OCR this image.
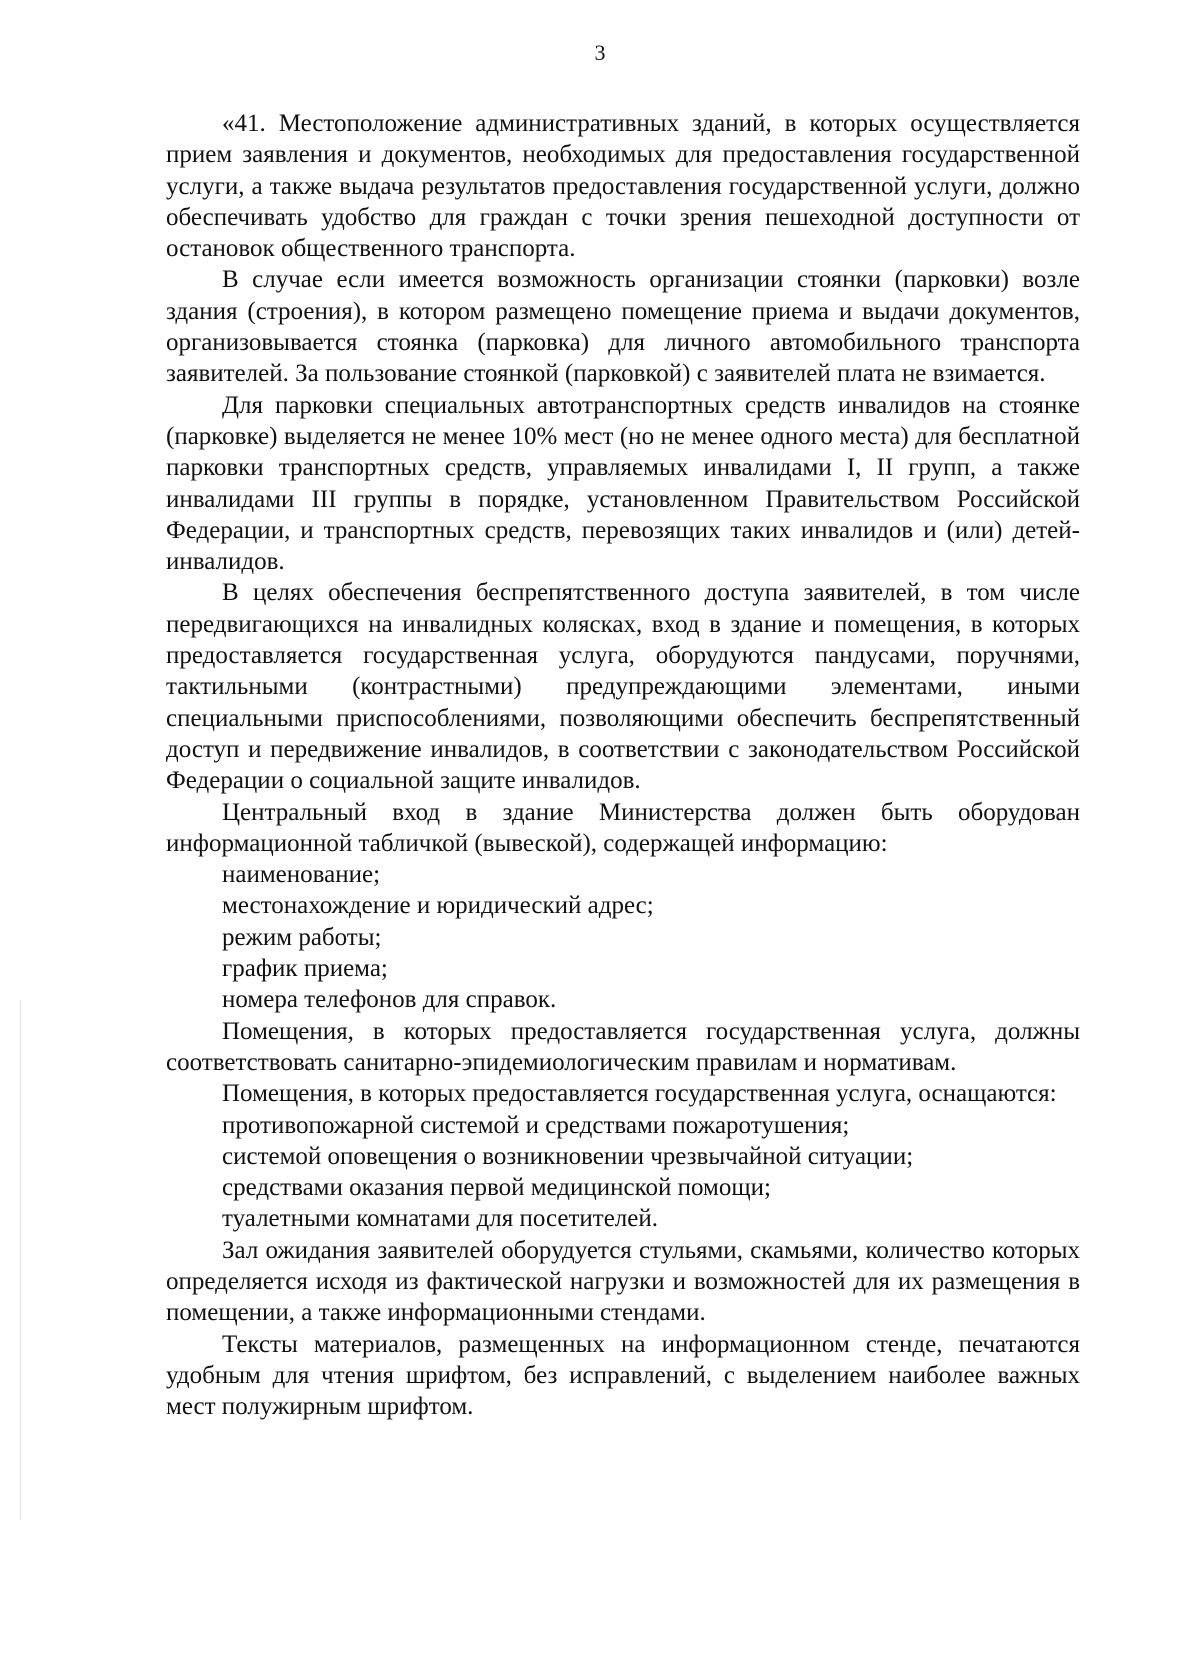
3

«41. Местоположение административных зданий, в которых осуществляется прием заявления и документов, необходимых для предоставления государственной услуги, а также выдача результатов предоставления государственной услуги, должно обеспечивать удобство для граждан с точки зрения пешеходной доступности от остановок общественного транспорта.

В случае если имеется возможность организации стоянки (парковки) возле здания (строения), в котором размещено помещение приема и выдачи документов, организовывается стоянка (парковка) для личного автомобильного транспорта заявителей. За пользование стоянкой (парковкой) с заявителей плата не взимается.

Для парковки специальных автотранспортных средств инвалидов на стоянке (парковке) выделяется не менее 10% мест (но не менее одного места) для бесплатной парковки транспортных средств, управляемых инвалидами I, II групп, а также инвалидами III группы в порядке, установленном Правительством Российской Федерации, и транспортных средств, перевозящих таких инвалидов и (или) детей-инвалидов.

В целях обеспечения беспрепятственного доступа заявителей, в том числе передвигающихся на инвалидных колясках, вход в здание и помещения, в которых предоставляется государственная услуга, оборудуются пандусами, поручнями, тактильными (контрастными) предупреждающими элементами, иными специальными приспособлениями, позволяющими обеспечить беспрепятственный доступ и передвижение инвалидов, в соответствии с законодательством Российской Федерации о социальной защите инвалидов.

Центральный вход в здание Министерства должен быть оборудован информационной табличкой (вывеской), содержащей информацию:

наименование;

местонахождение и юридический адрес;

режим работы;

график приема;

номера телефонов для справок.

Помещения, в которых предоставляется государственная услуга, должны соответствовать санитарно-эпидемиологическим правилам и нормативам.

Помещения, в которых предоставляется государственная услуга, оснащаются:

противопожарной системой и средствами пожаротушения;

системой оповещения о возникновении чрезвычайной ситуации;

средствами оказания первой медицинской помощи;

туалетными комнатами для посетителей.

Зал ожидания заявителей оборудуется стульями, скамьями, количество которых определяется исходя из фактической нагрузки и возможностей для их размещения в помещении, а также информационными стендами.

Тексты материалов, размещенных на информационном стенде, печатаются удобным для чтения шрифтом, без исправлений, с выделением наиболее важных мест полужирным шрифтом.
